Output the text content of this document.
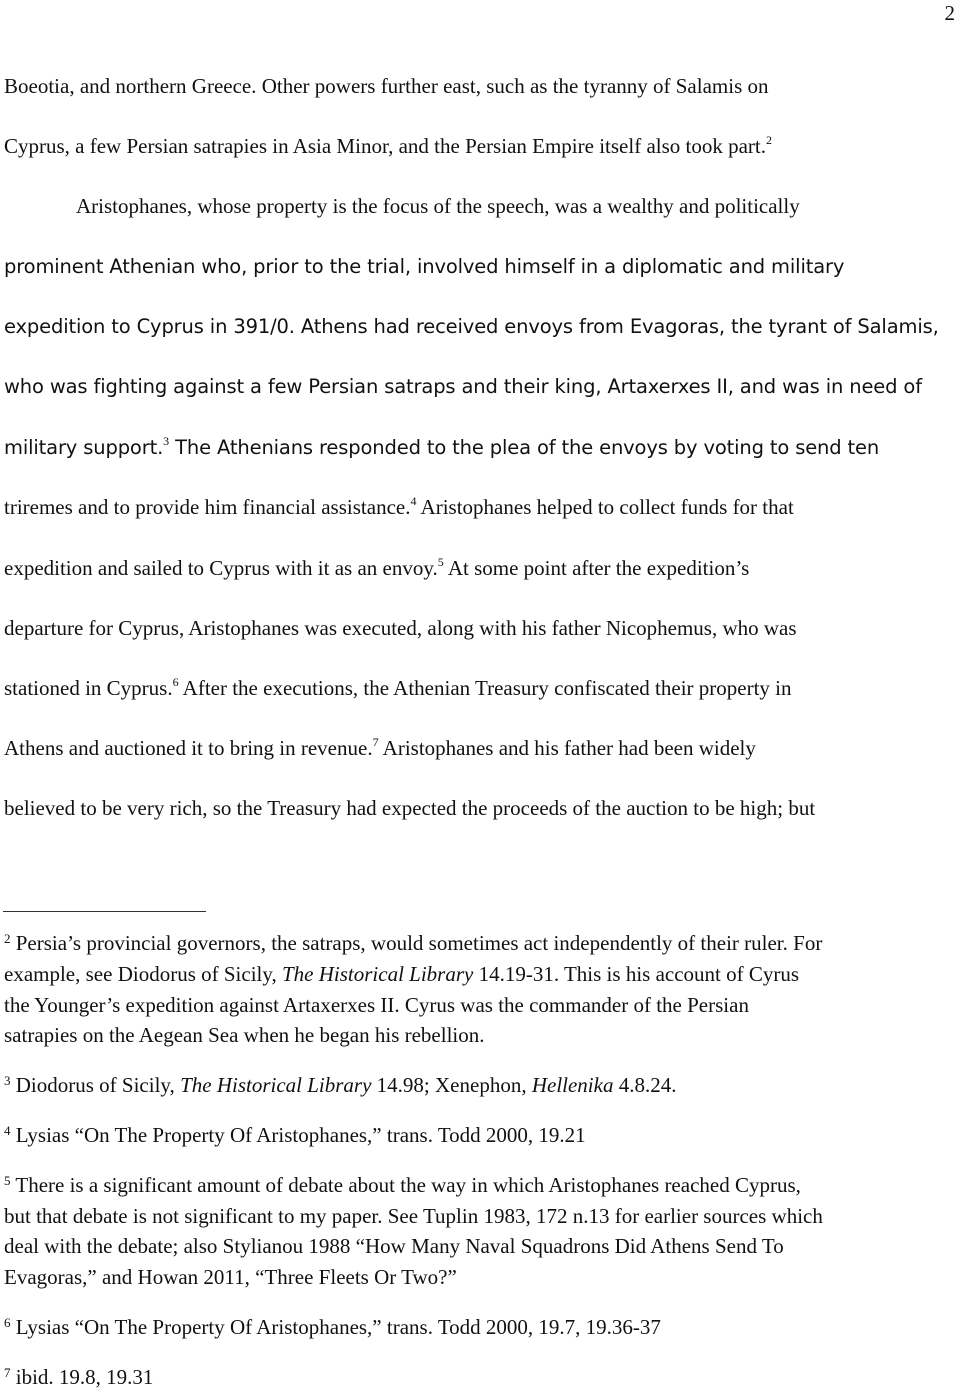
2
Boeotia, and northern Greece. Other powers further east, such as the tyranny of Salamis on
Cyprus, a few Persian satrapies in Asia Minor, and the Persian Empire itself also took part.$^2$
Aristophanes, whose property is the focus of the speech, was a wealthy and politically
prominent Athenian who, prior to the trial, involved himself in a diplomatic and military
expedition to Cyprus in 391/0. Athens had received envoys from Evagoras, the tyrant of Salamis,
who was fighting against a few Persian satraps and their king, Artaxerxes II, and was in need of
military support.$^3$ The Athenians responded to the plea of the envoys by voting to send ten
triremes and to provide him financial assistance.$^4$ Aristophanes helped to collect funds for that
expedition and sailed to Cyprus with it as an envoy.$^5$ At some point after the expedition’s
departure for Cyprus, Aristophanes was executed, along with his father Nicophemus, who was
stationed in Cyprus.$^6$ After the executions, the Athenian Treasury confiscated their property in
Athens and auctioned it to bring in revenue.$^7$ Aristophanes and his father had been widely
believed to be very rich, so the Treasury had expected the proceeds of the auction to be high; but
$^2$ Persia’s provincial governors, the satraps, would sometimes act independently of their ruler. For
example, see Diodorus of Sicily, The Historical Library 14.19-31. This is his account of Cyrus
the Younger’s expedition against Artaxerxes II. Cyrus was the commander of the Persian
satrapies on the Aegean Sea when he began his rebellion.
$^3$ Diodorus of Sicily, The Historical Library 14.98; Xenephon, Hellenika 4.8.24.
$^4$ Lysias “On The Property Of Aristophanes,” trans. Todd 2000, 19.21
$^5$ There is a significant amount of debate about the way in which Aristophanes reached Cyprus,
but that debate is not significant to my paper. See Tuplin 1983, 172 n.13 for earlier sources which
deal with the debate; also Stylianou 1988 “How Many Naval Squadrons Did Athens Send To
Evagoras,” and Howan 2011, “Three Fleets Or Two?”
$^6$ Lysias “On The Property Of Aristophanes,” trans. Todd 2000, 19.7, 19.36-37
$^7$ ibid. 19.8, 19.31
